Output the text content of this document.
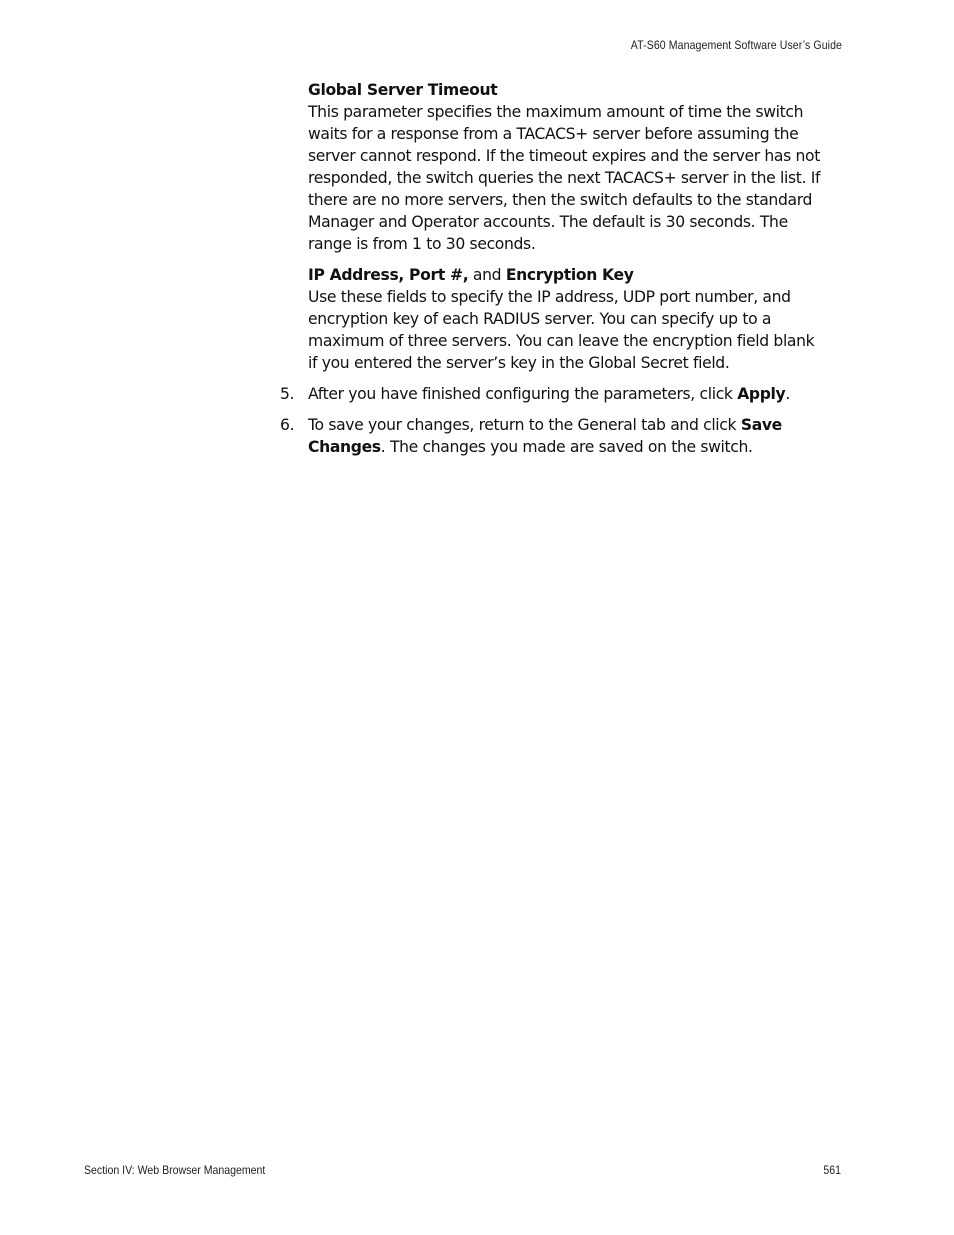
AT-S60 Management Software User’s Guide
Global Server Timeout

This parameter specifies the maximum amount of time the switch waits for a response from a TACACS+ server before assuming the server cannot respond. If the timeout expires and the server has not responded, the switch queries the next TACACS+ server in the list. If there are no more servers, then the switch defaults to the standard Manager and Operator accounts. The default is 30 seconds. The range is from 1 to 30 seconds.

IP Address, Port #, and Encryption Key

Use these fields to specify the IP address, UDP port number, and encryption key of each RADIUS server. You can specify up to a maximum of three servers. You can leave the encryption field blank if you entered the server’s key in the Global Secret field.

5. After you have finished configuring the parameters, click Apply.
6. To save your changes, return to the General tab and click Save Changes. The changes you made are saved on the switch.
Section IV: Web Browser Management	561
